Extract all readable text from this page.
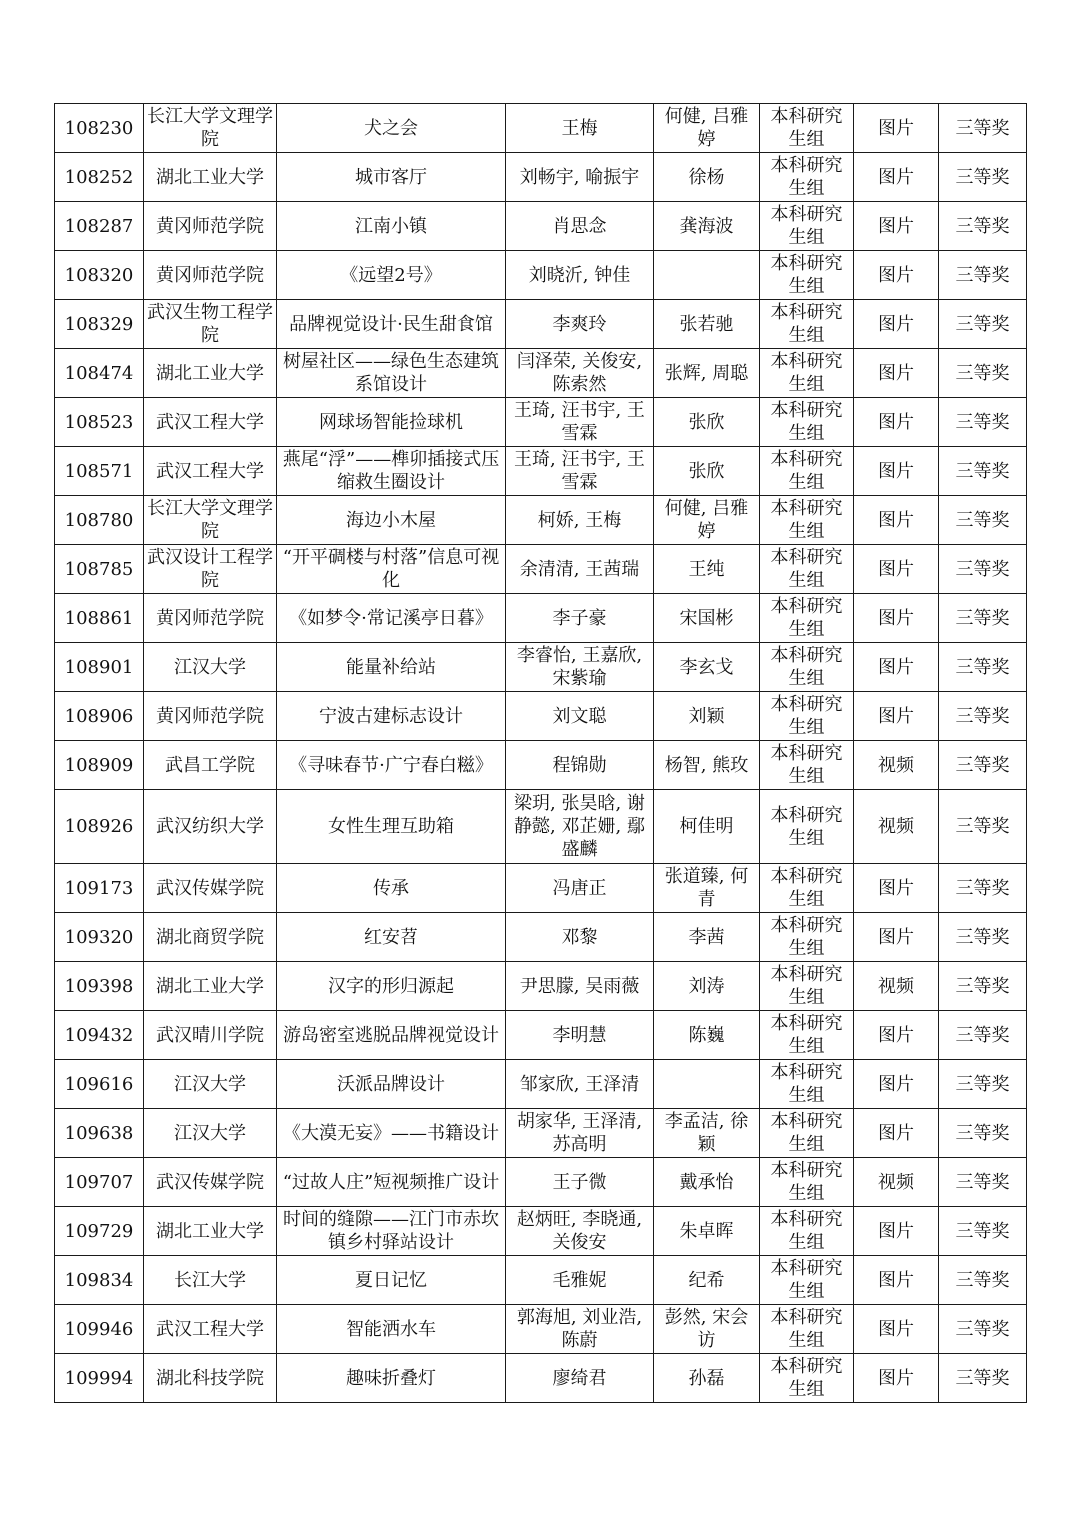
108230	长江大学文理学院	犬之会	王梅	何健, 吕雅婷	本科研究生组	图片	三等奖
108252	湖北工业大学	城市客厅	刘畅宇, 喻振宇	徐杨	本科研究生组	图片	三等奖
108287	黄冈师范学院	江南小镇	肖思念	龚海波	本科研究生组	图片	三等奖
108320	黄冈师范学院	《远望2号》	刘晓沂, 钟佳		本科研究生组	图片	三等奖
108329	武汉生物工程学院	品牌视觉设计·民生甜食馆	李爽玲	张若驰	本科研究生组	图片	三等奖
108474	湖北工业大学	树屋社区——绿色生态建筑系馆设计	闫泽荣, 关俊安, 陈索然	张辉, 周聪	本科研究生组	图片	三等奖
108523	武汉工程大学	网球场智能捡球机	王琦, 汪书宇, 王雪霖	张欣	本科研究生组	图片	三等奖
108571	武汉工程大学	燕尾“浮”——榫卯插接式压缩救生圈设计	王琦, 汪书宇, 王雪霖	张欣	本科研究生组	图片	三等奖
108780	长江大学文理学院	海边小木屋	柯娇, 王梅	何健, 吕雅婷	本科研究生组	图片	三等奖
108785	武汉设计工程学院	“开平碉楼与村落”信息可视化	余清清, 王茜瑞	王纯	本科研究生组	图片	三等奖
108861	黄冈师范学院	《如梦令·常记溪亭日暮》	李子豪	宋国彬	本科研究生组	图片	三等奖
108901	江汉大学	能量补给站	李睿怡, 王嘉欣, 宋紫瑜	李玄戈	本科研究生组	图片	三等奖
108906	黄冈师范学院	宁波古建标志设计	刘文聪	刘颖	本科研究生组	图片	三等奖
108909	武昌工学院	《寻味春节·广宁春白糍》	程锦勋	杨智, 熊玫	本科研究生组	视频	三等奖
108926	武汉纺织大学	女性生理互助箱	梁玥, 张昊晗, 谢静懿, 邓芷姗, 鄢盛麟	柯佳明	本科研究生组	视频	三等奖
109173	武汉传媒学院	传承	冯唐正	张道臻, 何青	本科研究生组	图片	三等奖
109320	湖北商贸学院	红安苕	邓黎	李茜	本科研究生组	图片	三等奖
109398	湖北工业大学	汉字的形归源起	尹思朦, 吴雨薇	刘涛	本科研究生组	视频	三等奖
109432	武汉晴川学院	游岛密室逃脱品牌视觉设计	李明慧	陈巍	本科研究生组	图片	三等奖
109616	江汉大学	沃派品牌设计	邹家欣, 王泽清		本科研究生组	图片	三等奖
109638	江汉大学	《大漠无妄》——书籍设计	胡家华, 王泽清, 苏高明	李孟洁, 徐颖	本科研究生组	图片	三等奖
109707	武汉传媒学院	“过故人庄”短视频推广设计	王子微	戴承怡	本科研究生组	视频	三等奖
109729	湖北工业大学	时间的缝隙——江门市赤坎镇乡村驿站设计	赵炳旺, 李晓通, 关俊安	朱卓晖	本科研究生组	图片	三等奖
109834	长江大学	夏日记忆	毛雅妮	纪希	本科研究生组	图片	三等奖
109946	武汉工程大学	智能洒水车	郭海旭, 刘业浩, 陈蔚	彭然, 宋会访	本科研究生组	图片	三等奖
109994	湖北科技学院	趣味折叠灯	廖绮君	孙磊	本科研究生组	图片	三等奖
